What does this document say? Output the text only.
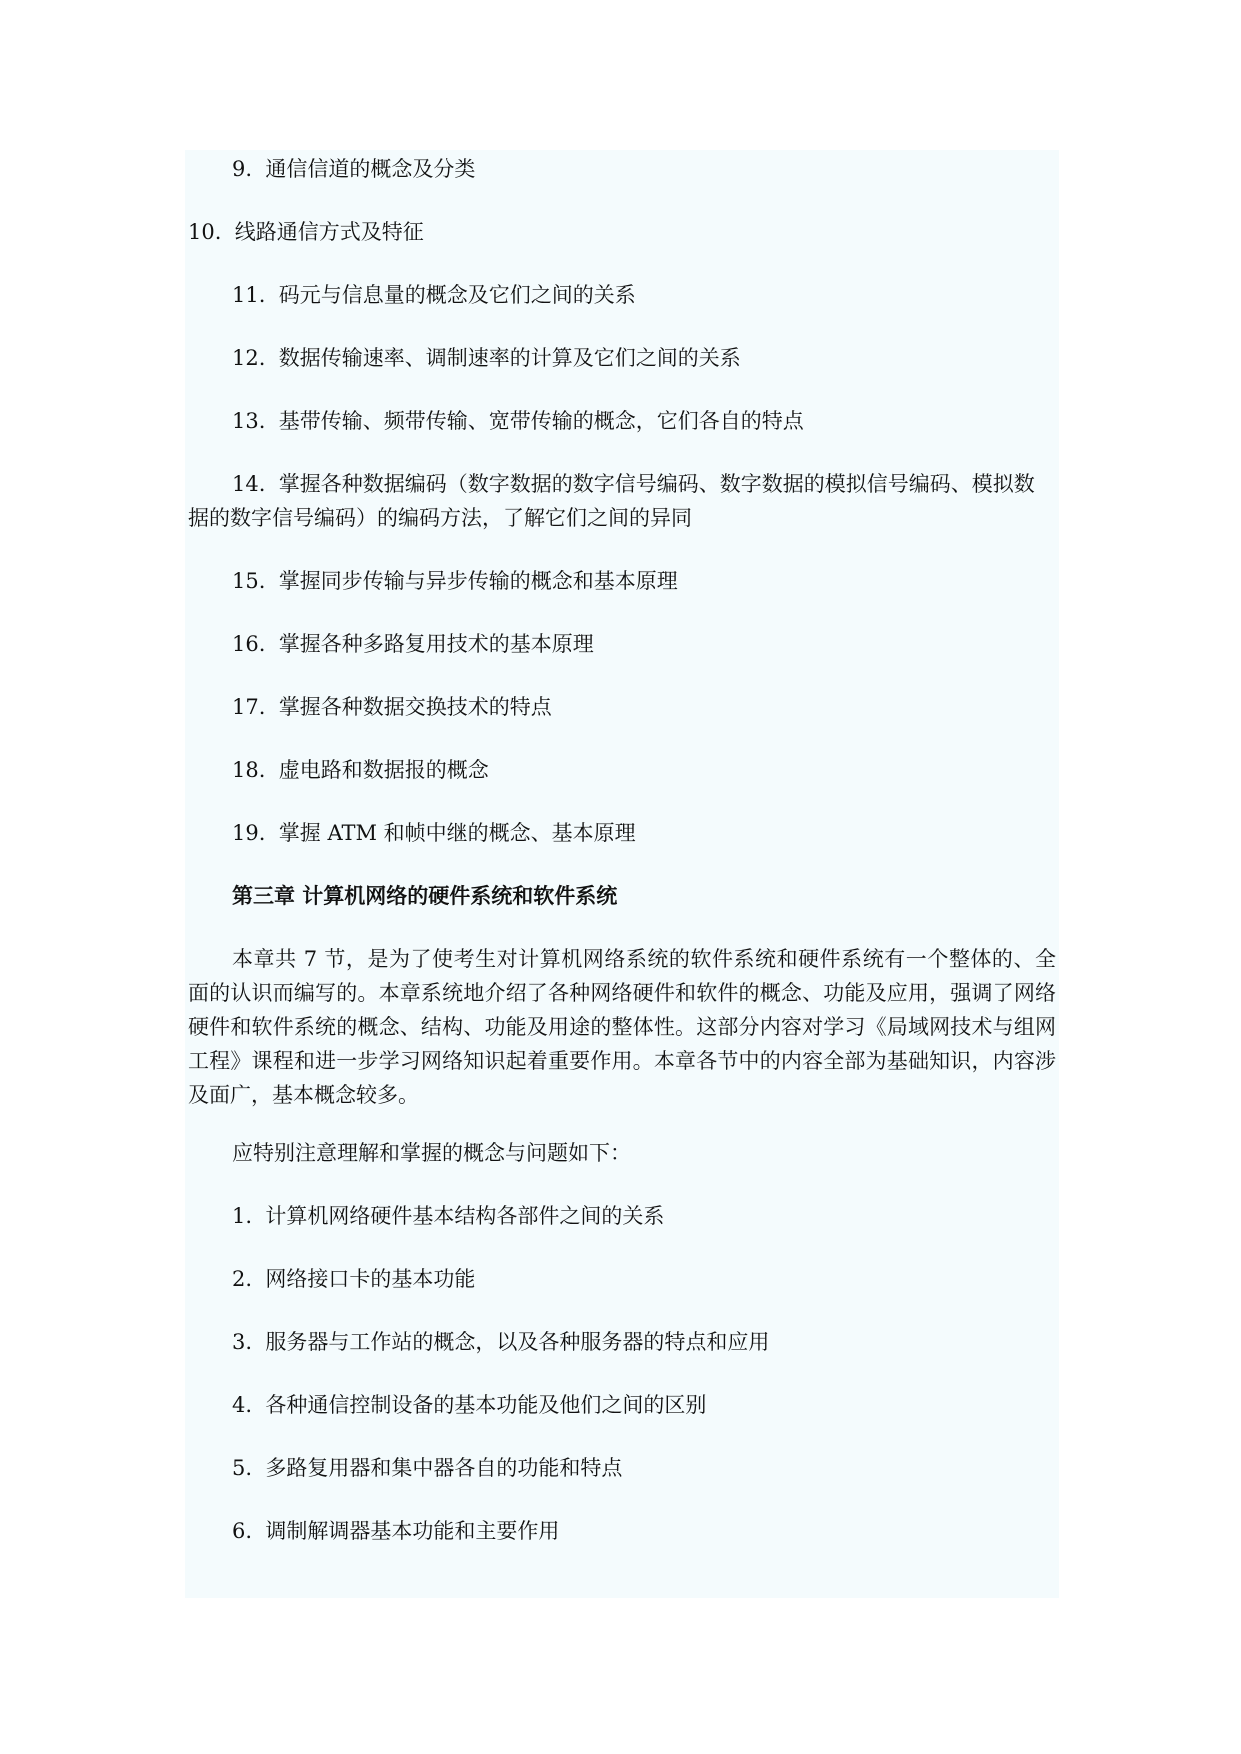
9. 通信信道的概念及分类
10. 线路通信方式及特征
11. 码元与信息量的概念及它们之间的关系
12. 数据传输速率、调制速率的计算及它们之间的关系
13. 基带传输、频带传输、宽带传输的概念，它们各自的特点
14. 掌握各种数据编码（数字数据的数字信号编码、数字数据的模拟信号编码、模拟数
据的数字信号编码）的编码方法，了解它们之间的异同
15. 掌握同步传输与异步传输的概念和基本原理
16. 掌握各种多路复用技术的基本原理
17. 掌握各种数据交换技术的特点
18. 虚电路和数据报的概念
19. 掌握 ATM 和帧中继的概念、基本原理
第三章 计算机网络的硬件系统和软件系统
本章共 7 节，是为了使考生对计算机网络系统的软件系统和硬件系统有一个整体的、全面的认识而编写的。本章系统地介绍了各种网络硬件和软件的概念、功能及应用，强调了网络硬件和软件系统的概念、结构、功能及用途的整体性。这部分内容对学习《局域网技术与组网工程》课程和进一步学习网络知识起着重要作用。本章各节中的内容全部为基础知识，内容涉及面广，基本概念较多。
应特别注意理解和掌握的概念与问题如下：
1. 计算机网络硬件基本结构各部件之间的关系
2. 网络接口卡的基本功能
3. 服务器与工作站的概念，以及各种服务器的特点和应用
4. 各种通信控制设备的基本功能及他们之间的区别
5. 多路复用器和集中器各自的功能和特点
6. 调制解调器基本功能和主要作用
